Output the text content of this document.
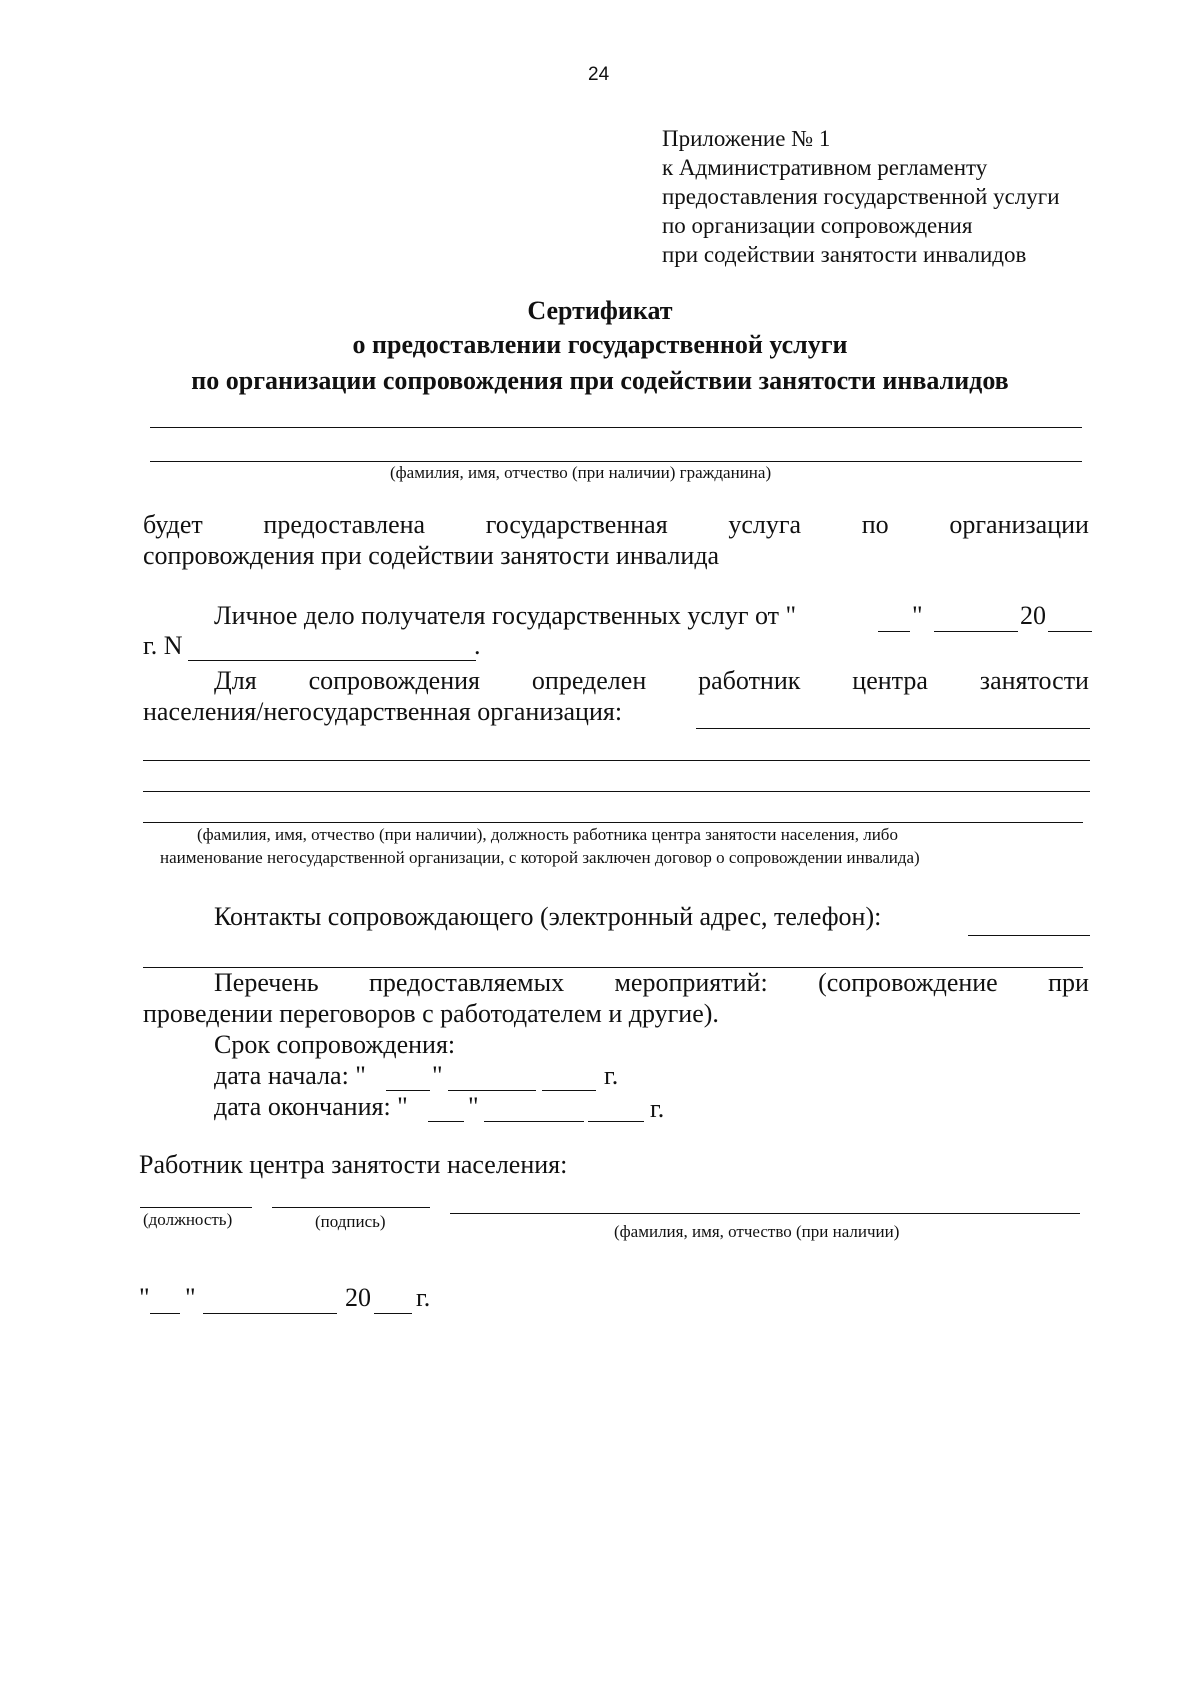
24
Приложение № 1
к Административном регламенту
предоставления государственной услуги
по организации сопровождения
при содействии занятости инвалидов
Сертификат
о предоставлении государственной услуги
по организации сопровождения при содействии занятости инвалидов
(фамилия, имя, отчество (при наличии) гражданина)
будет предоставлена государственная услуга по организации
сопровождения при содействии занятости инвалида
Личное дело получателя государственных услуг от "	"	20
г. N	.
Для сопровождения определен работник центра занятости
населения/негосударственная организация:
(фамилия, имя, отчество (при наличии), должность работника центра занятости населения, либо
наименование негосударственной организации, с которой заключен договор о сопровождении инвалида)
Контакты сопровождающего (электронный адрес, телефон):
Перечень предоставляемых мероприятий: (сопровождение при
проведении переговоров с работодателем и другие).
Срок сопровождения:
дата начала: "	"	г.
дата окончания: " "	г.
Работник центра занятости населения:
(должность)	(подпись)
(фамилия, имя, отчество (при наличии)
" "	20 г.
